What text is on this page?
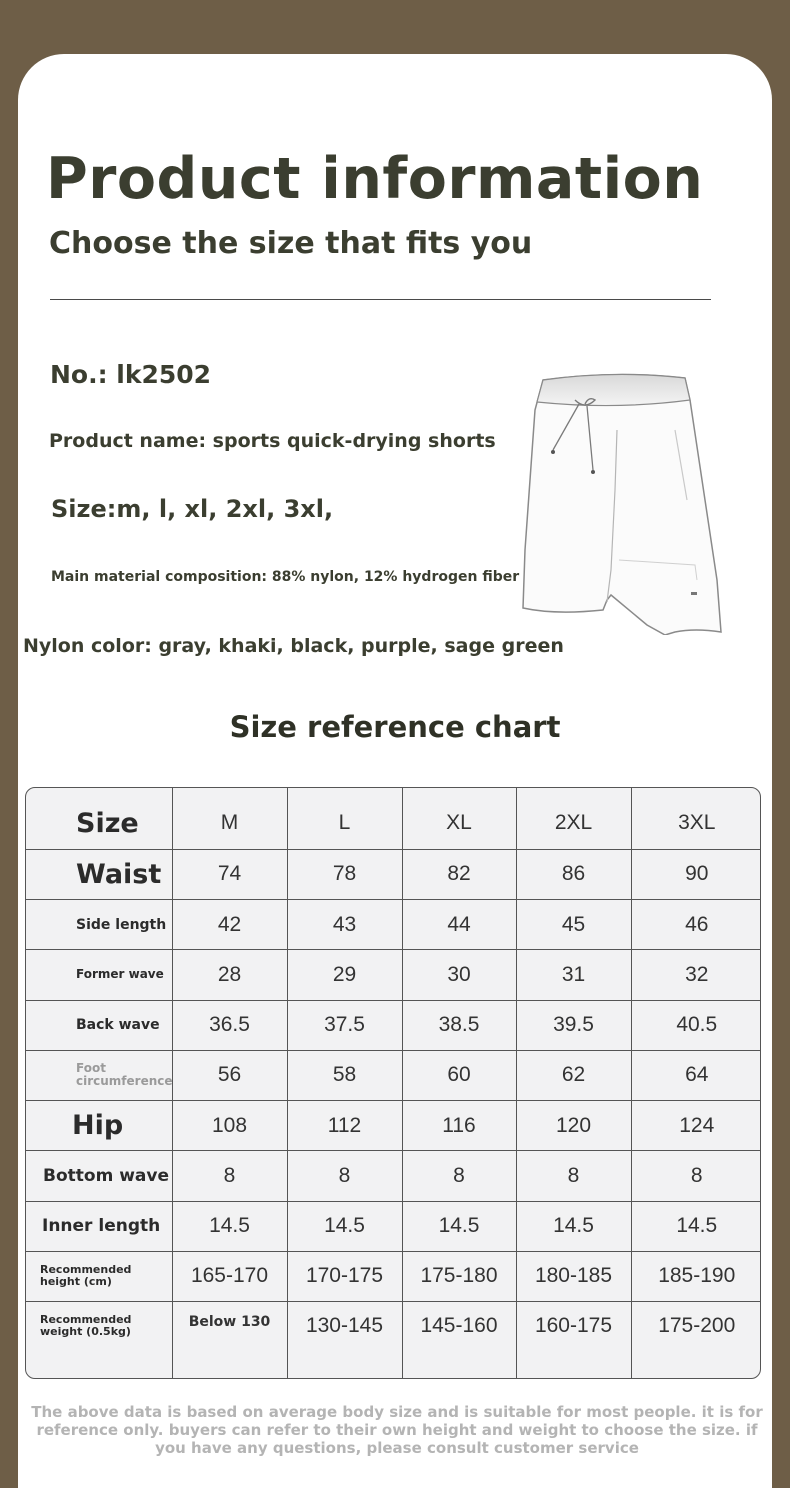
Product information
Choose the size that fits you
No.: lk2502
Product name: sports quick-drying shorts
Size:m, l, xl, 2xl, 3xl,
Main material composition: 88% nylon, 12% hydrogen fiber
Nylon color: gray, khaki, black, purple, sage green
Size reference chart
Size	M	L	XL	2XL	3XL
Waist	74	78	82	86	90
Side length	42	43	44	45	46
Former wave	28	29	30	31	32
Back wave	36.5	37.5	38.5	39.5	40.5
Foot circumference	56	58	60	62	64
Hip	108	112	116	120	124
Bottom wave	8	8	8	8	8
Inner length	14.5	14.5	14.5	14.5	14.5
Recommended height (cm)	165-170	170-175	175-180	180-185	185-190
Recommended weight (0.5kg)	Below 130	130-145	145-160	160-175	175-200
The above data is based on average body size and is suitable for most people. it is for reference only. buyers can refer to their own height and weight to choose the size. if you have any questions, please consult customer service
